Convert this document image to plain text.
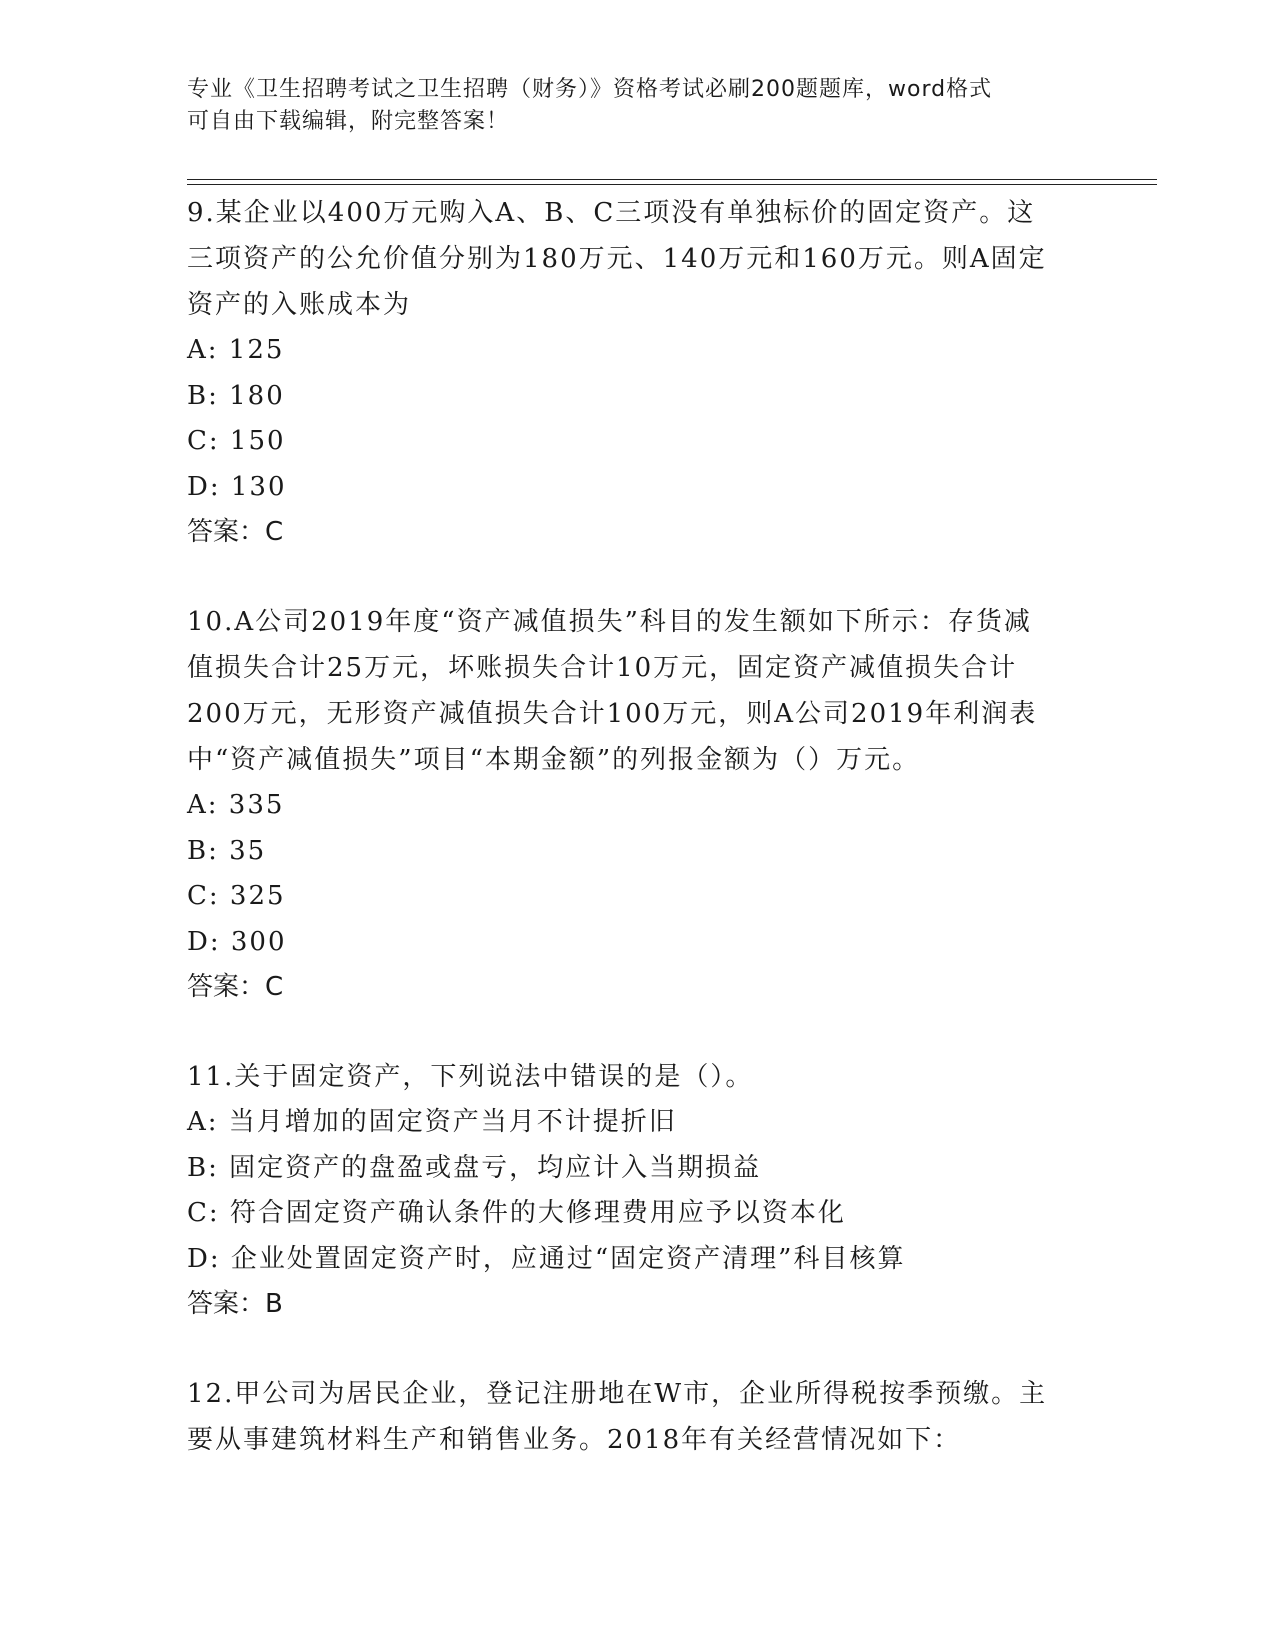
专业《卫生招聘考试之卫生招聘（财务）》资格考试必刷200题题库，word格式
可自由下载编辑，附完整答案！

9.某企业以400万元购入A、B、C三项没有单独标价的固定资产。这

三项资产的公允价值分别为180万元、140万元和160万元。则A固定

资产的入账成本为

A: 125

B: 180

C: 150

D: 130

答案：C

10.A公司2019年度“资产减值损失”科目的发生额如下所示：存货减

值损失合计25万元，坏账损失合计10万元，固定资产减值损失合计

200万元，无形资产减值损失合计100万元，则A公司2019年利润表

中“资产减值损失”项目“本期金额”的列报金额为（）万元。

A: 335

B: 35

C: 325

D: 300

答案：C

11.关于固定资产，下列说法中错误的是（）。

A: 当月增加的固定资产当月不计提折旧

B: 固定资产的盘盈或盘亏，均应计入当期损益

C: 符合固定资产确认条件的大修理费用应予以资本化

D: 企业处置固定资产时，应通过“固定资产清理”科目核算

答案：B

12.甲公司为居民企业，登记注册地在W市，企业所得税按季预缴。主

要从事建筑材料生产和销售业务。2018年有关经营情况如下：
